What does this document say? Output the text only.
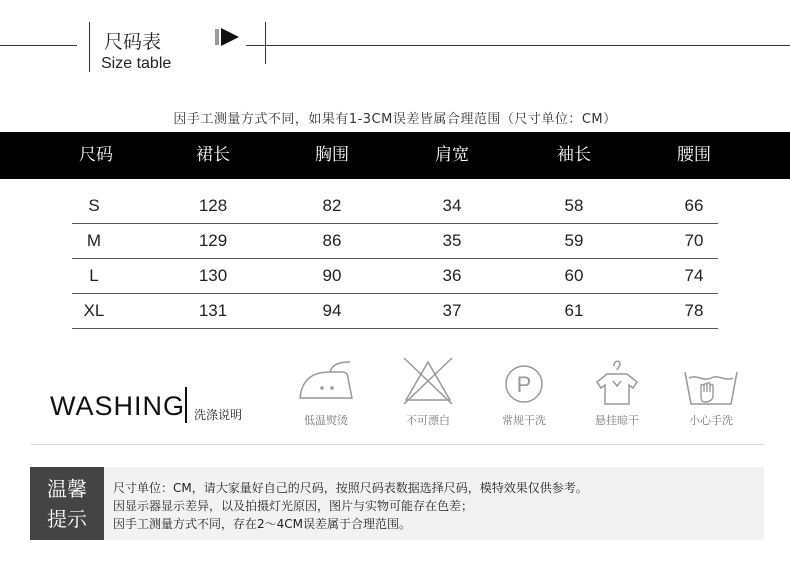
尺码表
Size table
因手工测量方式不同，如果有1-3CM误差皆属合理范围（尺寸单位：CM）
尺码	裙长	胸围	肩宽	袖长	腰围
S	128	82	34	58	66
M	129	86	35	59	70
L	130	90	36	60	74
XL	131	94	37	61	78
WASHING 洗涤说明	低温熨烫	不可漂白
P
常规干洗	悬挂晾干	小心手洗
温馨
提示
尺寸单位：CM，请大家量好自己的尺码，按照尺码表数据选择尺码，模特效果仅供参考。
因显示器显示差异，以及拍摄灯光原因，图片与实物可能存在色差；
因手工测量方式不同，存在2～4CM误差属于合理范围。
